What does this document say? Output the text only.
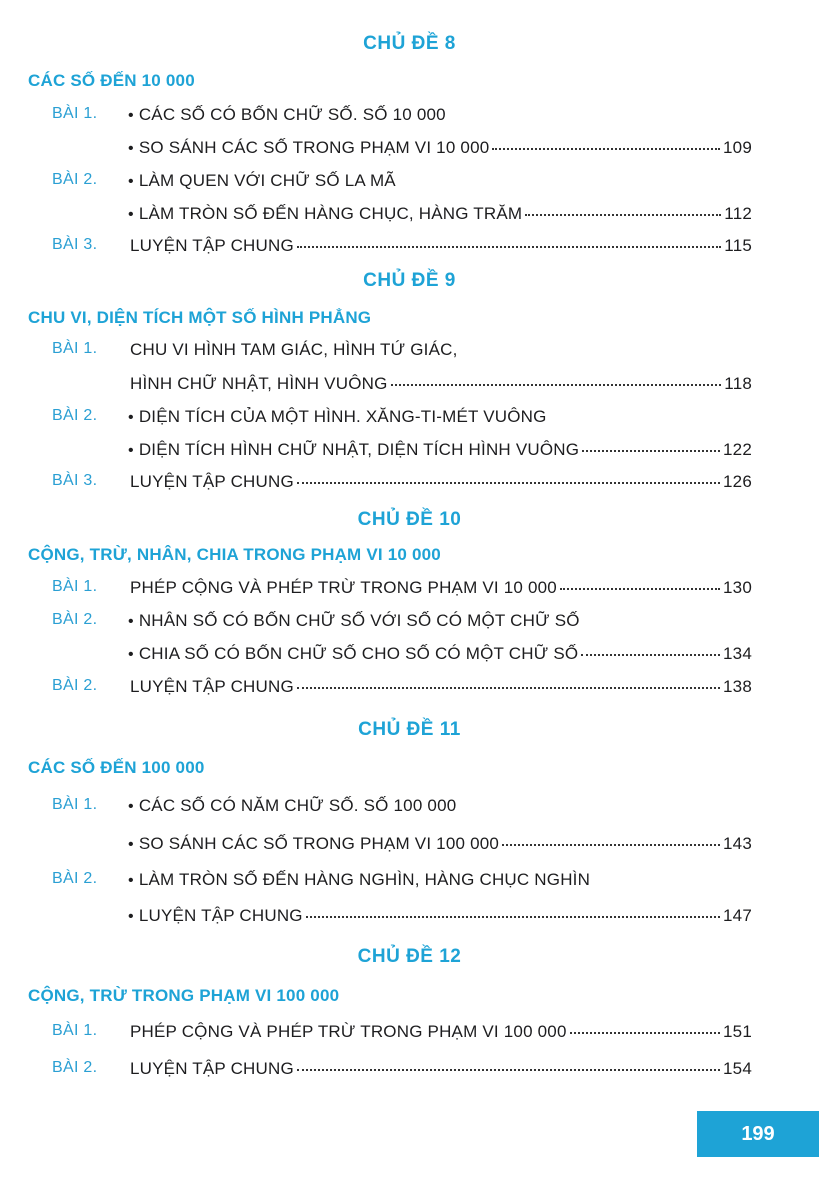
CHỦ ĐỀ 8
CÁC SỐ ĐẾN 10 000
BÀI 1. • CÁC SỐ CÓ BỐN CHỮ SỐ. SỐ 10 000
• SO SÁNH CÁC SỐ TRONG PHẠM VI 10 000	109
BÀI 2. • LÀM QUEN VỚI CHỮ SỐ LA MÃ
• LÀM TRÒN SỐ ĐẾN HÀNG CHỤC, HÀNG TRĂM	112
BÀI 3. LUYỆN TẬP CHUNG	115
CHỦ ĐỀ 9
CHU VI, DIỆN TÍCH MỘT SỐ HÌNH PHẲNG
BÀI 1. CHU VI HÌNH TAM GIÁC, HÌNH TỨ GIÁC,
HÌNH CHỮ NHẬT, HÌNH VUÔNG	118
BÀI 2. • DIỆN TÍCH CỦA MỘT HÌNH. XĂNG-TI-MÉT VUÔNG
• DIỆN TÍCH HÌNH CHỮ NHẬT, DIỆN TÍCH HÌNH VUÔNG	122
BÀI 3. LUYỆN TẬP CHUNG	126
CHỦ ĐỀ 10
CỘNG, TRỪ, NHÂN, CHIA TRONG PHẠM VI 10 000
BÀI 1. PHÉP CỘNG VÀ PHÉP TRỪ TRONG PHẠM VI 10 000	130
BÀI 2. • NHÂN SỐ CÓ BỐN CHỮ SỐ VỚI SỐ CÓ MỘT CHỮ SỐ
• CHIA SỐ CÓ BỐN CHỮ SỐ CHO SỐ CÓ MỘT CHỮ SỐ	134
BÀI 2. LUYỆN TẬP CHUNG	138
CHỦ ĐỀ 11
CÁC SỐ ĐẾN 100 000
BÀI 1. • CÁC SỐ CÓ NĂM CHỮ SỐ. SỐ 100 000
• SO SÁNH CÁC SỐ TRONG PHẠM VI 100 000	143
BÀI 2. • LÀM TRÒN SỐ ĐẾN HÀNG NGHÌN, HÀNG CHỤC NGHÌN
• LUYỆN TẬP CHUNG	147
CHỦ ĐỀ 12
CỘNG, TRỪ TRONG PHẠM VI 100 000
BÀI 1. PHÉP CỘNG VÀ PHÉP TRỪ TRONG PHẠM VI 100 000	151
BÀI 2. LUYỆN TẬP CHUNG	154
199
